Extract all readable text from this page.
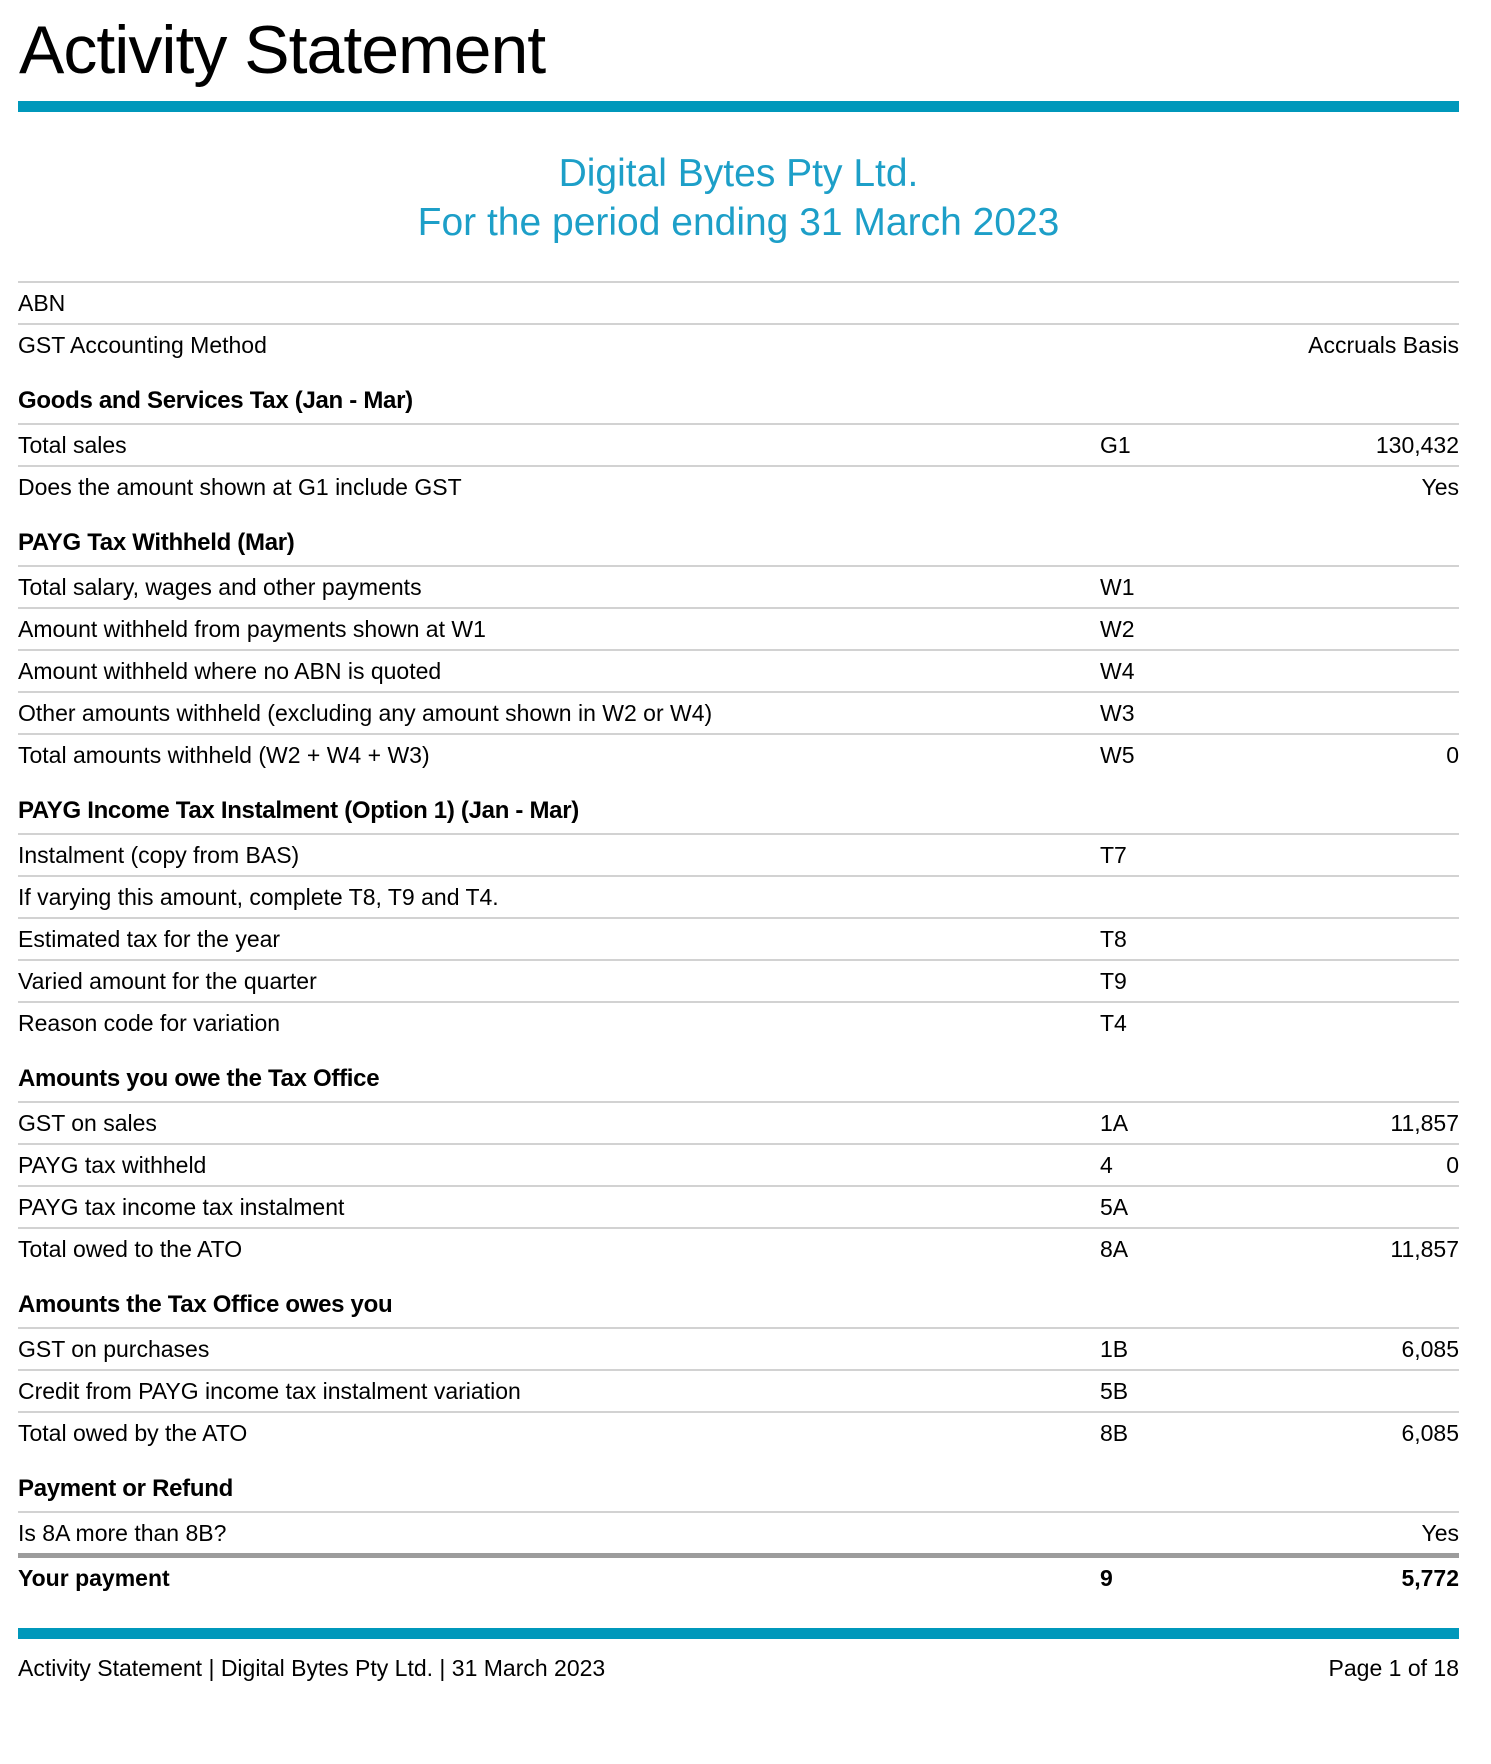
Activity Statement
Digital Bytes Pty Ltd.
For the period ending 31 March 2023
ABN
GST Accounting Method	Accruals Basis
Goods and Services Tax (Jan - Mar)
Total sales	G1	130,432
Does the amount shown at G1 include GST	Yes
PAYG Tax Withheld (Mar)
Total salary, wages and other payments	W1
Amount withheld from payments shown at W1	W2
Amount withheld where no ABN is quoted	W4
Other amounts withheld (excluding any amount shown in W2 or W4)	W3
Total amounts withheld (W2 + W4 + W3)	W5	0
PAYG Income Tax Instalment (Option 1) (Jan - Mar)
Instalment (copy from BAS)	T7
If varying this amount, complete T8, T9 and T4.
Estimated tax for the year	T8
Varied amount for the quarter	T9
Reason code for variation	T4
Amounts you owe the Tax Office
GST on sales	1A	11,857
PAYG tax withheld	4	0
PAYG tax income tax instalment	5A
Total owed to the ATO	8A	11,857
Amounts the Tax Office owes you
GST on purchases	1B	6,085
Credit from PAYG income tax instalment variation	5B
Total owed by the ATO	8B	6,085
Payment or Refund
Is 8A more than 8B?	Yes
Your payment	9	5,772
Activity Statement | Digital Bytes Pty Ltd. | 31 March 2023	Page 1 of 18
